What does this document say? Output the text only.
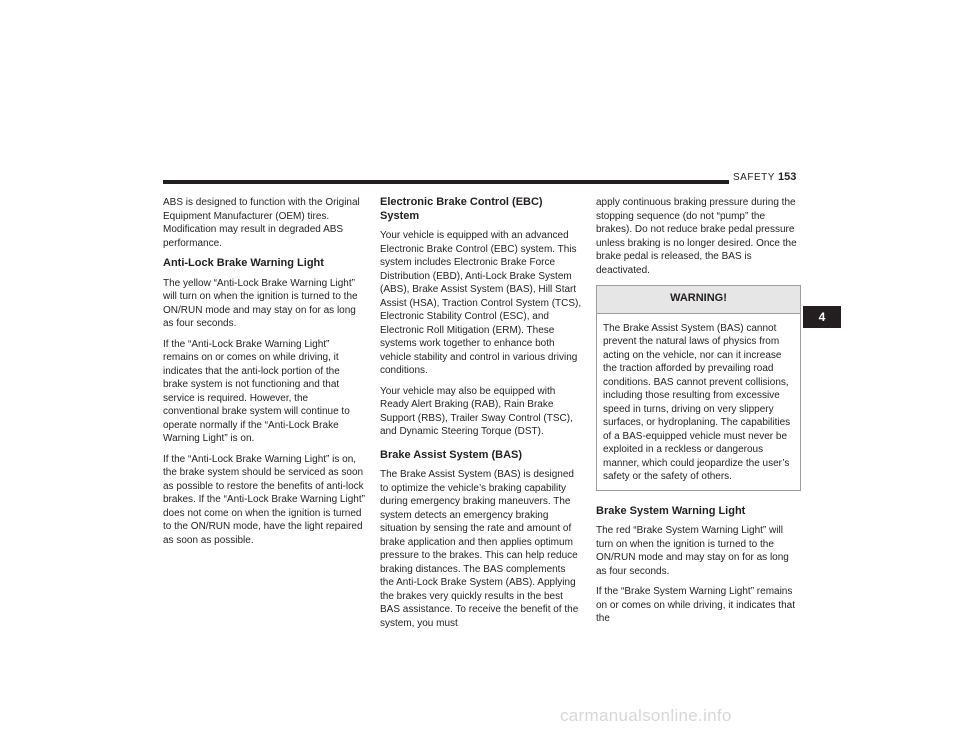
SAFETY 153

ABS is designed to function with the Original Equipment Manufacturer (OEM) tires. Modification may result in degraded ABS performance.

Anti-Lock Brake Warning Light

The yellow “Anti-Lock Brake Warning Light” will turn on when the ignition is turned to the ON/RUN mode and may stay on for as long as four seconds.

If the “Anti-Lock Brake Warning Light” remains on or comes on while driving, it indicates that the anti-lock portion of the brake system is not functioning and that service is required. However, the conventional brake system will continue to operate normally if the “Anti-Lock Brake Warning Light” is on.

If the “Anti-Lock Brake Warning Light” is on, the brake system should be serviced as soon as possible to restore the benefits of anti-lock brakes. If the “Anti-Lock Brake Warning Light” does not come on when the ignition is turned to the ON/RUN mode, have the light repaired as soon as possible.

Electronic Brake Control (EBC) System

Your vehicle is equipped with an advanced Electronic Brake Control (EBC) system. This system includes Electronic Brake Force Distribution (EBD), Anti-Lock Brake System (ABS), Brake Assist System (BAS), Hill Start Assist (HSA), Traction Control System (TCS), Electronic Stability Control (ESC), and Electronic Roll Mitigation (ERM). These systems work together to enhance both vehicle stability and control in various driving conditions.

Your vehicle may also be equipped with Ready Alert Braking (RAB), Rain Brake Support (RBS), Trailer Sway Control (TSC), and Dynamic Steering Torque (DST).

Brake Assist System (BAS)

The Brake Assist System (BAS) is designed to optimize the vehicle’s braking capability during emergency braking maneuvers. The system detects an emergency braking situation by sensing the rate and amount of brake application and then applies optimum pressure to the brakes. This can help reduce braking distances. The BAS complements the Anti-Lock Brake System (ABS). Applying the brakes very quickly results in the best BAS assistance. To receive the benefit of the system, you must

apply continuous braking pressure during the stopping sequence (do not “pump” the brakes). Do not reduce brake pedal pressure unless braking is no longer desired. Once the brake pedal is released, the BAS is deactivated.

WARNING!
The Brake Assist System (BAS) cannot prevent the natural laws of physics from acting on the vehicle, nor can it increase the traction afforded by prevailing road conditions. BAS cannot prevent collisions, including those resulting from excessive speed in turns, driving on very slippery surfaces, or hydroplaning. The capabilities of a BAS-equipped vehicle must never be exploited in a reckless or dangerous manner, which could jeopardize the user’s safety or the safety of others.
Brake System Warning Light

The red “Brake System Warning Light” will turn on when the ignition is turned to the ON/RUN mode and may stay on for as long as four seconds.

If the “Brake System Warning Light” remains on or comes on while driving, it indicates that the

4
carmanualsonline.info
